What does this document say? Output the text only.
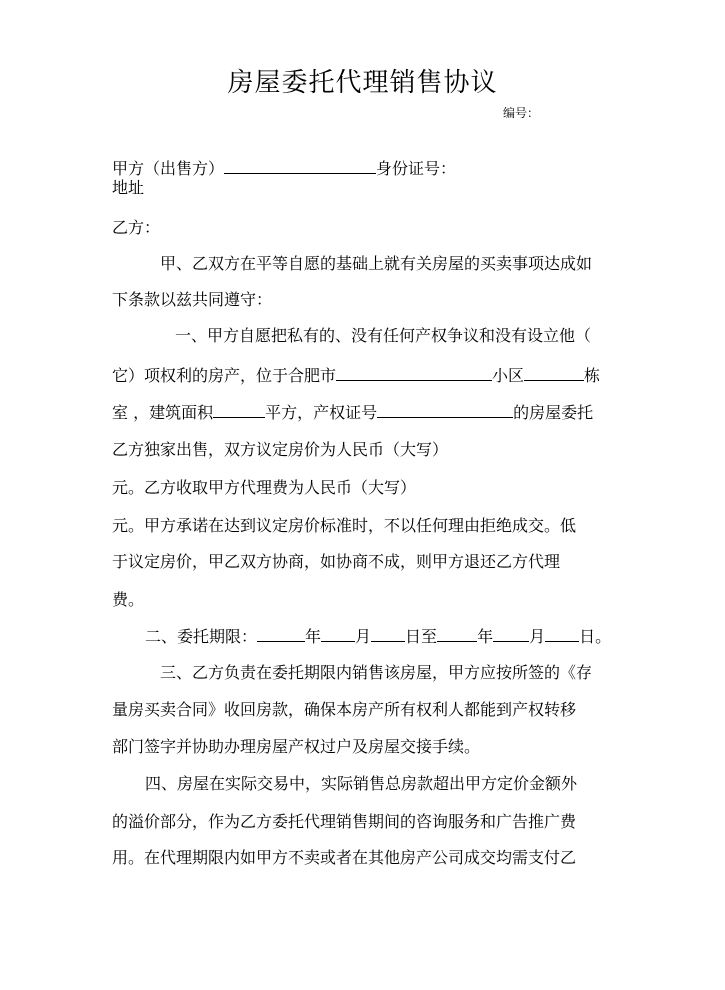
房屋委托代理销售协议
编号：
甲方（出售方）	身份证号：
地址
乙方：
甲、乙双方在平等自愿的基础上就有关房屋的买卖事项达成如
下条款以兹共同遵守：
一、甲方自愿把私有的、没有任何产权争议和没有设立他（
它）项权利的房产，位于合肥市	小区	栋
室 ，建筑面积	平方，产权证号	的房屋委托
乙方独家出售，双方议定房价为人民币（大写）
元。乙方收取甲方代理费为人民币（大写）
元。甲方承诺在达到议定房价标准时，不以任何理由拒绝成交。低
于议定房价，甲乙双方协商，如协商不成，则甲方退还乙方代理
费。
二、委托期限：	年 月 日至	年 月 日。
三、乙方负责在委托期限内销售该房屋，甲方应按所签的《存
量房买卖合同》收回房款，确保本房产所有权利人都能到产权转移
部门签字并协助办理房屋产权过户及房屋交接手续。
四、房屋在实际交易中，实际销售总房款超出甲方定价金额外
的溢价部分，作为乙方委托代理销售期间的咨询服务和广告推广费
用。在代理期限内如甲方不卖或者在其他房产公司成交均需支付乙
